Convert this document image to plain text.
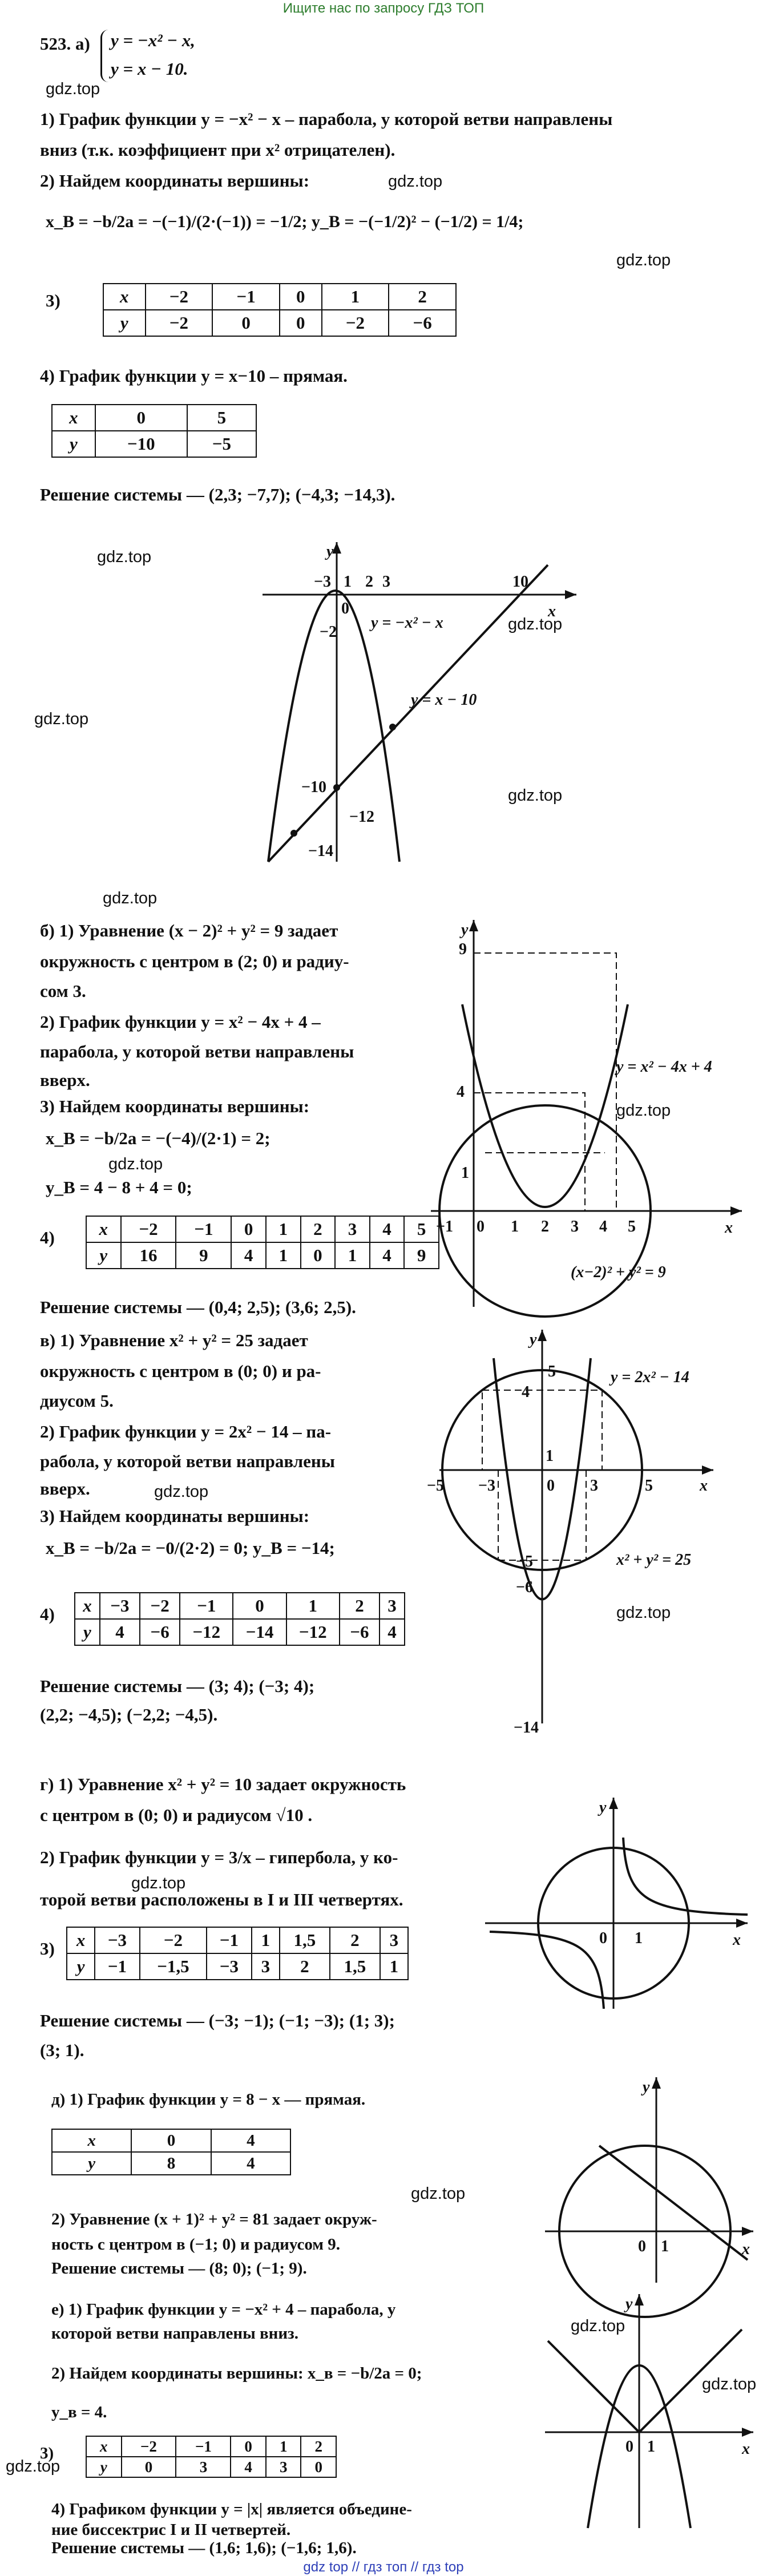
Ищите нас по запросу ГДЗ ТОП
523. а) y = −x² − x,
y = x − 10.
gdz.top
1) График функции y = −x² − x – парабола, у которой ветви направлены
вниз (т.к. коэффициент при x² отрицателен).
2) Найдем координаты вершины:	gdz.top
x_B = −b/2a = −(−1)/(2·(−1)) = −1/2; y_B = −(−1/2)² − (−1/2) = 1/4;
gdz.top
3)	x	−2	−1	0	1	2
y	−2	0	0	−2	−6
4) График функции y = x−10 – прямая.
x	0	5
y	−10	−5
Решение системы — (2,3; −7,7); (−4,3; −14,3).
gdz.top
gdz.top
gdz.top
gdz.top
−3 1 2 3	10
0
−2
−10
−12
−14
x
y
y = −x² − x
y = x − 10
gdz.top
б) 1) Уравнение (x − 2)² + y² = 9 задает
окружность с центром в (2; 0) и радиу-
сом 3.
2) График функции y = x² − 4x + 4 –
парабола, у которой ветви направлены
вверх.
3) Найдем координаты вершины:
x_B = −b/2a = −(−4)/(2·1) = 2;
gdz.top
y_B = 4 − 8 + 4 = 0;
4)	x	−2	−1	0	1	2	3	4	5
y	16	9	4	1	0	1	4	9
Решение системы — (0,4; 2,5); (3,6; 2,5).
gdz.top
9
4
1
−1 0 1 2 3 4 5	x
y
y = x² − 4x + 4
(x−2)² + y² = 9
в) 1) Уравнение x² + y² = 25 задает
окружность с центром в (0; 0) и ра-
диусом 5.
2) График функции y = 2x² − 14 – па-
рабола, у которой ветви направлены
вверх.	gdz.top
3) Найдем координаты вершины:
x_B = −b/2a = −0/(2·2) = 0; y_B = −14;
4) x	−3	−2	−1	0	1	2	3
y	4	−6	−12	−14	−12	−6	4
Решение системы — (3; 4); (−3; 4);
(2,2; −4,5); (−2,2; −4,5).
gdz.top
5
4
1
−5 −3	0 3	5
−5
−6
−14
x
y
y = 2x² − 14
x² + y² = 25
г) 1) Уравнение x² + y² = 10 задает окружность
с центром в (0; 0) и радиусом √10 .
2) График функции y = 3/x – гипербола, у ко-
gdz.top
торой ветви расположены в I и III четвертях.
3) x	−3	−2	−1	1	1,5	2	3
y	−1	−1,5	−3	3	2	1,5	1
Решение системы — (−3; −1); (−1; −3); (1; 3);
(3; 1).
0 1	x
y
д) 1) График функции y = 8 − x — прямая.
x	0	4
y	8	4
gdz.top
2) Уравнение (x + 1)² + y² = 81 задает окруж-
ность с центром в (−1; 0) и радиусом 9.
Решение системы — (8; 0); (−1; 9).
0 1	x
y
е) 1) График функции y = −x² + 4 – парабола, у
gdz.top
которой ветви направлены вниз.
2) Найдем координаты вершины: x_в = −b/2a = 0;
gdz.top
y_в = 4.
3)	x	−2	−1	0	1	2
y	0	3	4	3	0
gdz.top
4) Графиком функции y = |x| является объедине-
ние биссектрис I и II четвертей.
Решение системы — (1,6; 1,6); (−1,6; 1,6).
0 1	x
y
gdz top // гдз топ // гдз top
